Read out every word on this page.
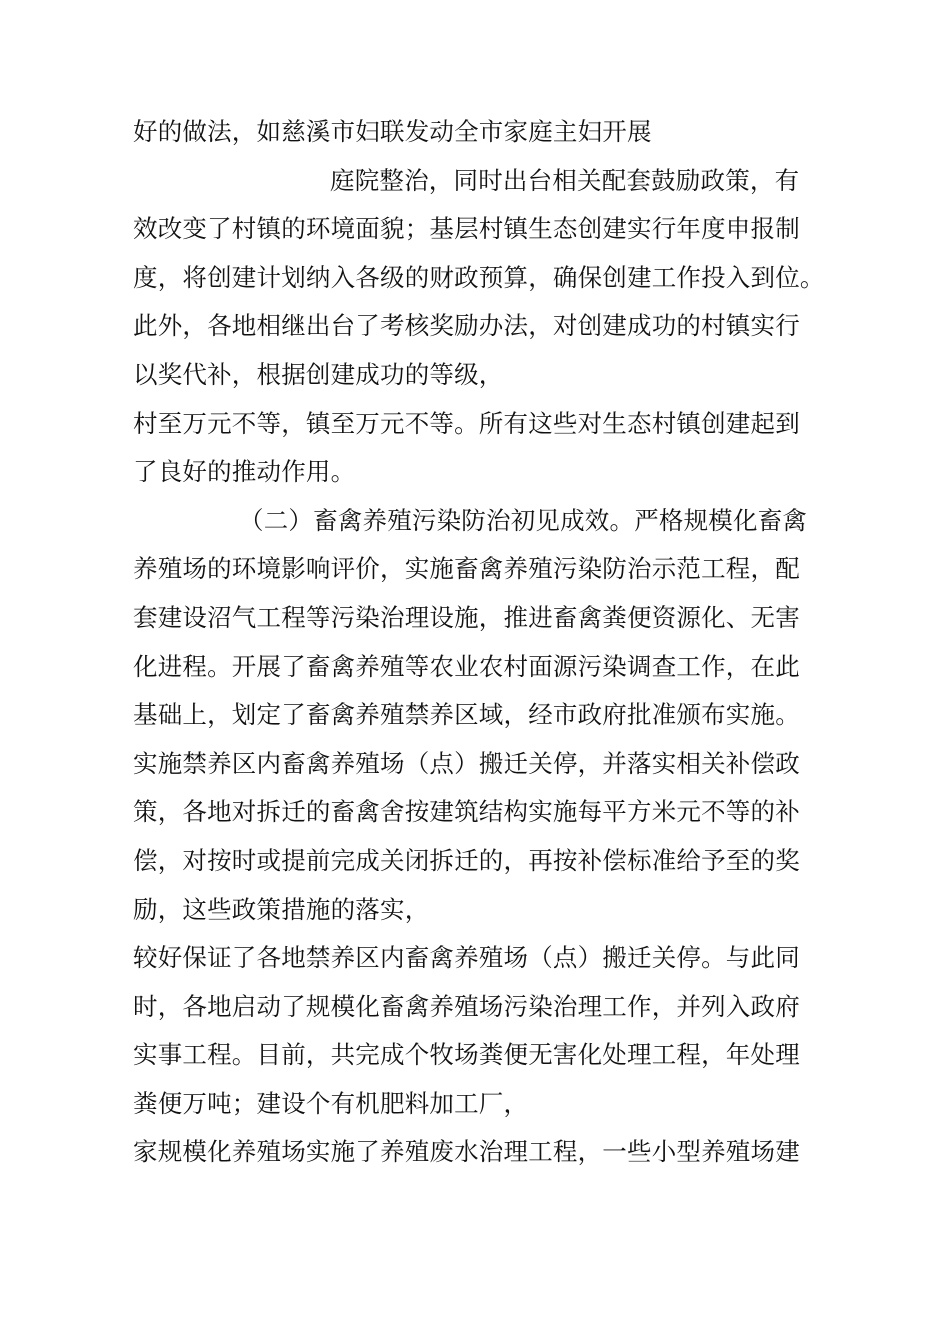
好的做法，如慈溪市妇联发动全市家庭主妇开展
庭院整治，同时出台相关配套鼓励政策，有
效改变了村镇的环境面貌；基层村镇生态创建实行年度申报制
度，将创建计划纳入各级的财政预算，确保创建工作投入到位。
此外，各地相继出台了考核奖励办法，对创建成功的村镇实行
以奖代补，根据创建成功的等级，
村至万元不等，镇至万元不等。所有这些对生态村镇创建起到
了良好的推动作用。
（二）畜禽养殖污染防治初见成效。严格规模化畜禽
养殖场的环境影响评价，实施畜禽养殖污染防治示范工程，配
套建设沼气工程等污染治理设施，推进畜禽粪便资源化、无害
化进程。开展了畜禽养殖等农业农村面源污染调查工作，在此
基础上，划定了畜禽养殖禁养区域，经市政府批准颁布实施。
实施禁养区内畜禽养殖场（点）搬迁关停，并落实相关补偿政
策，各地对拆迁的畜禽舍按建筑结构实施每平方米元不等的补
偿，对按时或提前完成关闭拆迁的，再按补偿标准给予至的奖
励，这些政策措施的落实，
较好保证了各地禁养区内畜禽养殖场（点）搬迁关停。与此同
时，各地启动了规模化畜禽养殖场污染治理工作，并列入政府
实事工程。目前，共完成个牧场粪便无害化处理工程，年处理
粪便万吨；建设个有机肥料加工厂，
家规模化养殖场实施了养殖废水治理工程，一些小型养殖场建
